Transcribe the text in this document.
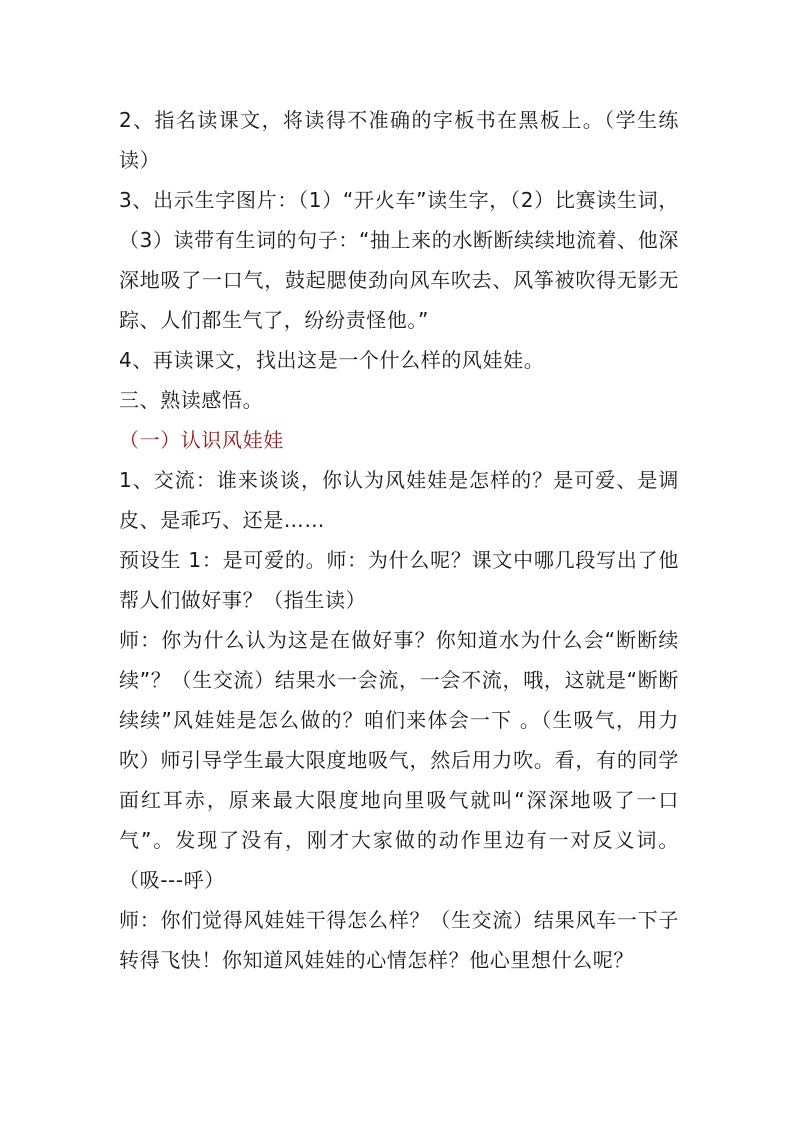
2、指名读课文，将读得不准确的字板书在黑板上。（学生练读）

3、出示生字图片：（1）“开火车”读生字，（2）比赛读生词，（3）读带有生词的句子：“抽上来的水断断续续地流着、他深深地吸了一口气，鼓起腮使劲向风车吹去、风筝被吹得无影无踪、人们都生气了，纷纷责怪他。”

4、再读课文，找出这是一个什么样的风娃娃。

三、熟读感悟。

（一）认识风娃娃

1、交流：谁来谈谈，你认为风娃娃是怎样的？是可爱、是调皮、是乖巧、还是……

预设生 1：是可爱的。师：为什么呢？课文中哪几段写出了他帮人们做好事？（指生读）

师：你为什么认为这是在做好事？你知道水为什么会“断断续续”？（生交流）结果水一会流，一会不流，哦，这就是“断断续续”风娃娃是怎么做的？咱们来体会一下 。（生吸气，用力吹）师引导学生最大限度地吸气，然后用力吹。看，有的同学面红耳赤，原来最大限度地向里吸气就叫“深深地吸了一口气”。发现了没有，刚才大家做的动作里边有一对反义词。（吸---呼）

师：你们觉得风娃娃干得怎么样？（生交流）结果风车一下子转得飞快！你知道风娃娃的心情怎样？他心里想什么呢？
